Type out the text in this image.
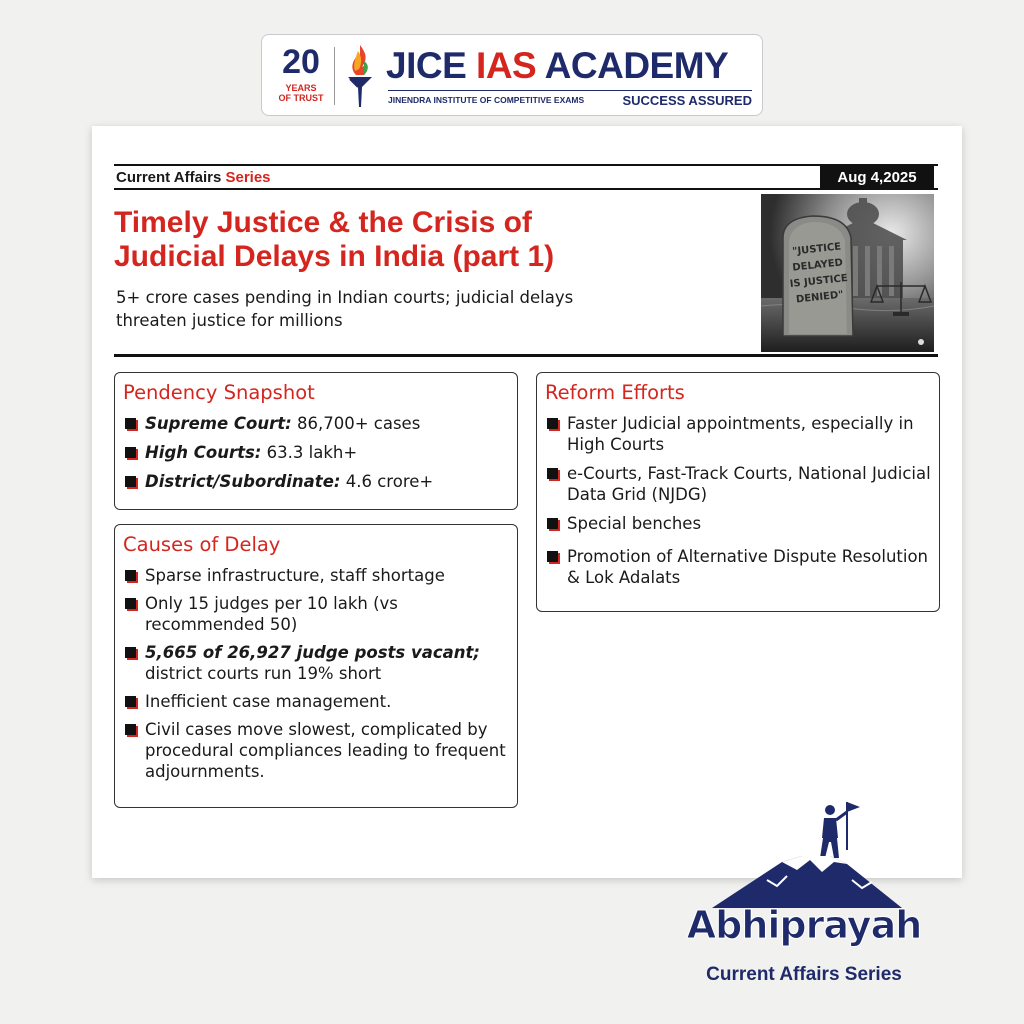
20
YEARS
OF TRUST
JICE IAS ACADEMY
JINENDRA INSTITUTE OF COMPETITIVE EXAMS	SUCCESS ASSURED
Current Affairs Series	Aug 4,2025
Timely Justice & the Crisis of Judicial Delays in India (part 1)
5+ crore cases pending in Indian courts; judicial delays threaten justice for millions
"JUSTICE
DELAYED
IS JUSTICE
DENIED"
Pendency Snapshot
Supreme Court: 86,700+ cases
High Courts: 63.3 lakh+
District/Subordinate: 4.6 crore+
Causes of Delay
Sparse infrastructure, staff shortage
Only 15 judges per 10 lakh (vs recommended 50)
5,665 of 26,927 judge posts vacant; district courts run 19% short
Inefficient case management.
Civil cases move slowest, complicated by procedural compliances leading to frequent adjournments.
Reform Efforts
Faster Judicial appointments, especially in High Courts
e-Courts, Fast-Track Courts, National Judicial Data Grid (NJDG)
Special benches
Promotion of Alternative Dispute Resolution & Lok Adalats
Abhiprayah
Current Affairs Series
